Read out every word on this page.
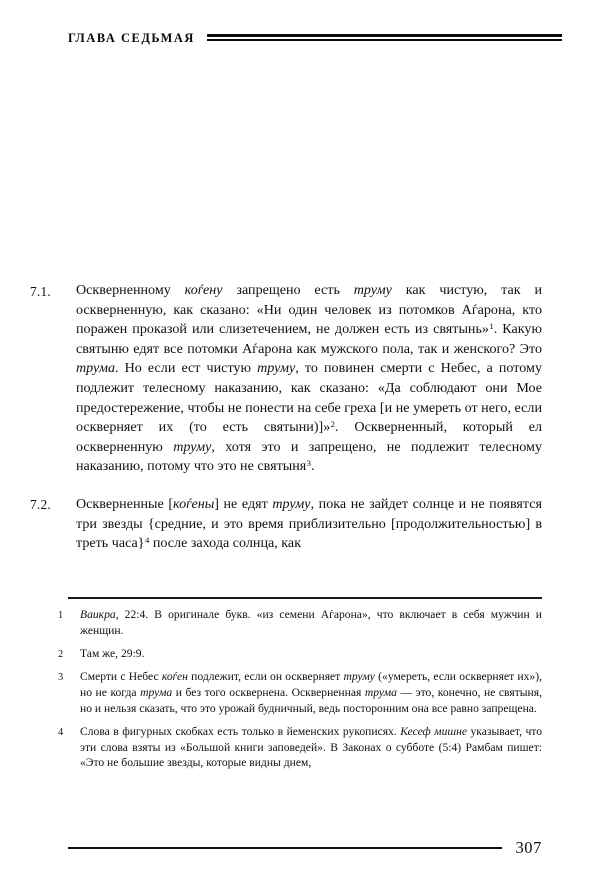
ГЛАВА СЕДЬМАЯ
7.1.	Оскверненному коѓену запрещено есть труму как чистую, так и оскверненную, как сказано: «Ни один человек из потомков Аѓарона, кто поражен проказой или слизетечением, не должен есть из святынь»$^1$. Какую святыню едят все потомки Аѓарона как мужского пола, так и женского? Это трума. Но если ест чистую труму, то повинен смерти с Небес, а потому подлежит телесному наказанию, как сказано: «Да соблюдают они Мое предостережение, чтобы не понести на себе греха [и не умереть от него, если оскверняет их (то есть святыни)]»$^2$. Оскверненный, который ел оскверненную труму, хотя это и запрещено, не подлежит телесному наказанию, потому что это не святыня$^3$.
7.2.	Оскверненные [коѓены] не едят труму, пока не зайдет солнце и не появятся три звезды {средние, и это время приблизительно [продолжительностью] в треть часа}$^4$ после захода солнца, как
1	Ваикра, 22:4. В оригинале букв. «из семени Аѓарона», что включает в себя мужчин и женщин.
2	Там же, 29:9.
3	Смерти с Небес коѓен подлежит, если он оскверняет труму («умереть, если оскверняет их»), но не когда трума и без того осквернена. Оскверненная трума — это, конечно, не святыня, но и нельзя сказать, что это урожай будничный, ведь посторонним она все равно запрещена.
4	Слова в фигурных скобках есть только в йеменских рукописях. Кесеф мишне указывает, что эти слова взяты из «Большой книги заповедей». В Законах о субботе (5:4) Рамбам пишет: «Это не большие звезды, которые видны днем,
307
